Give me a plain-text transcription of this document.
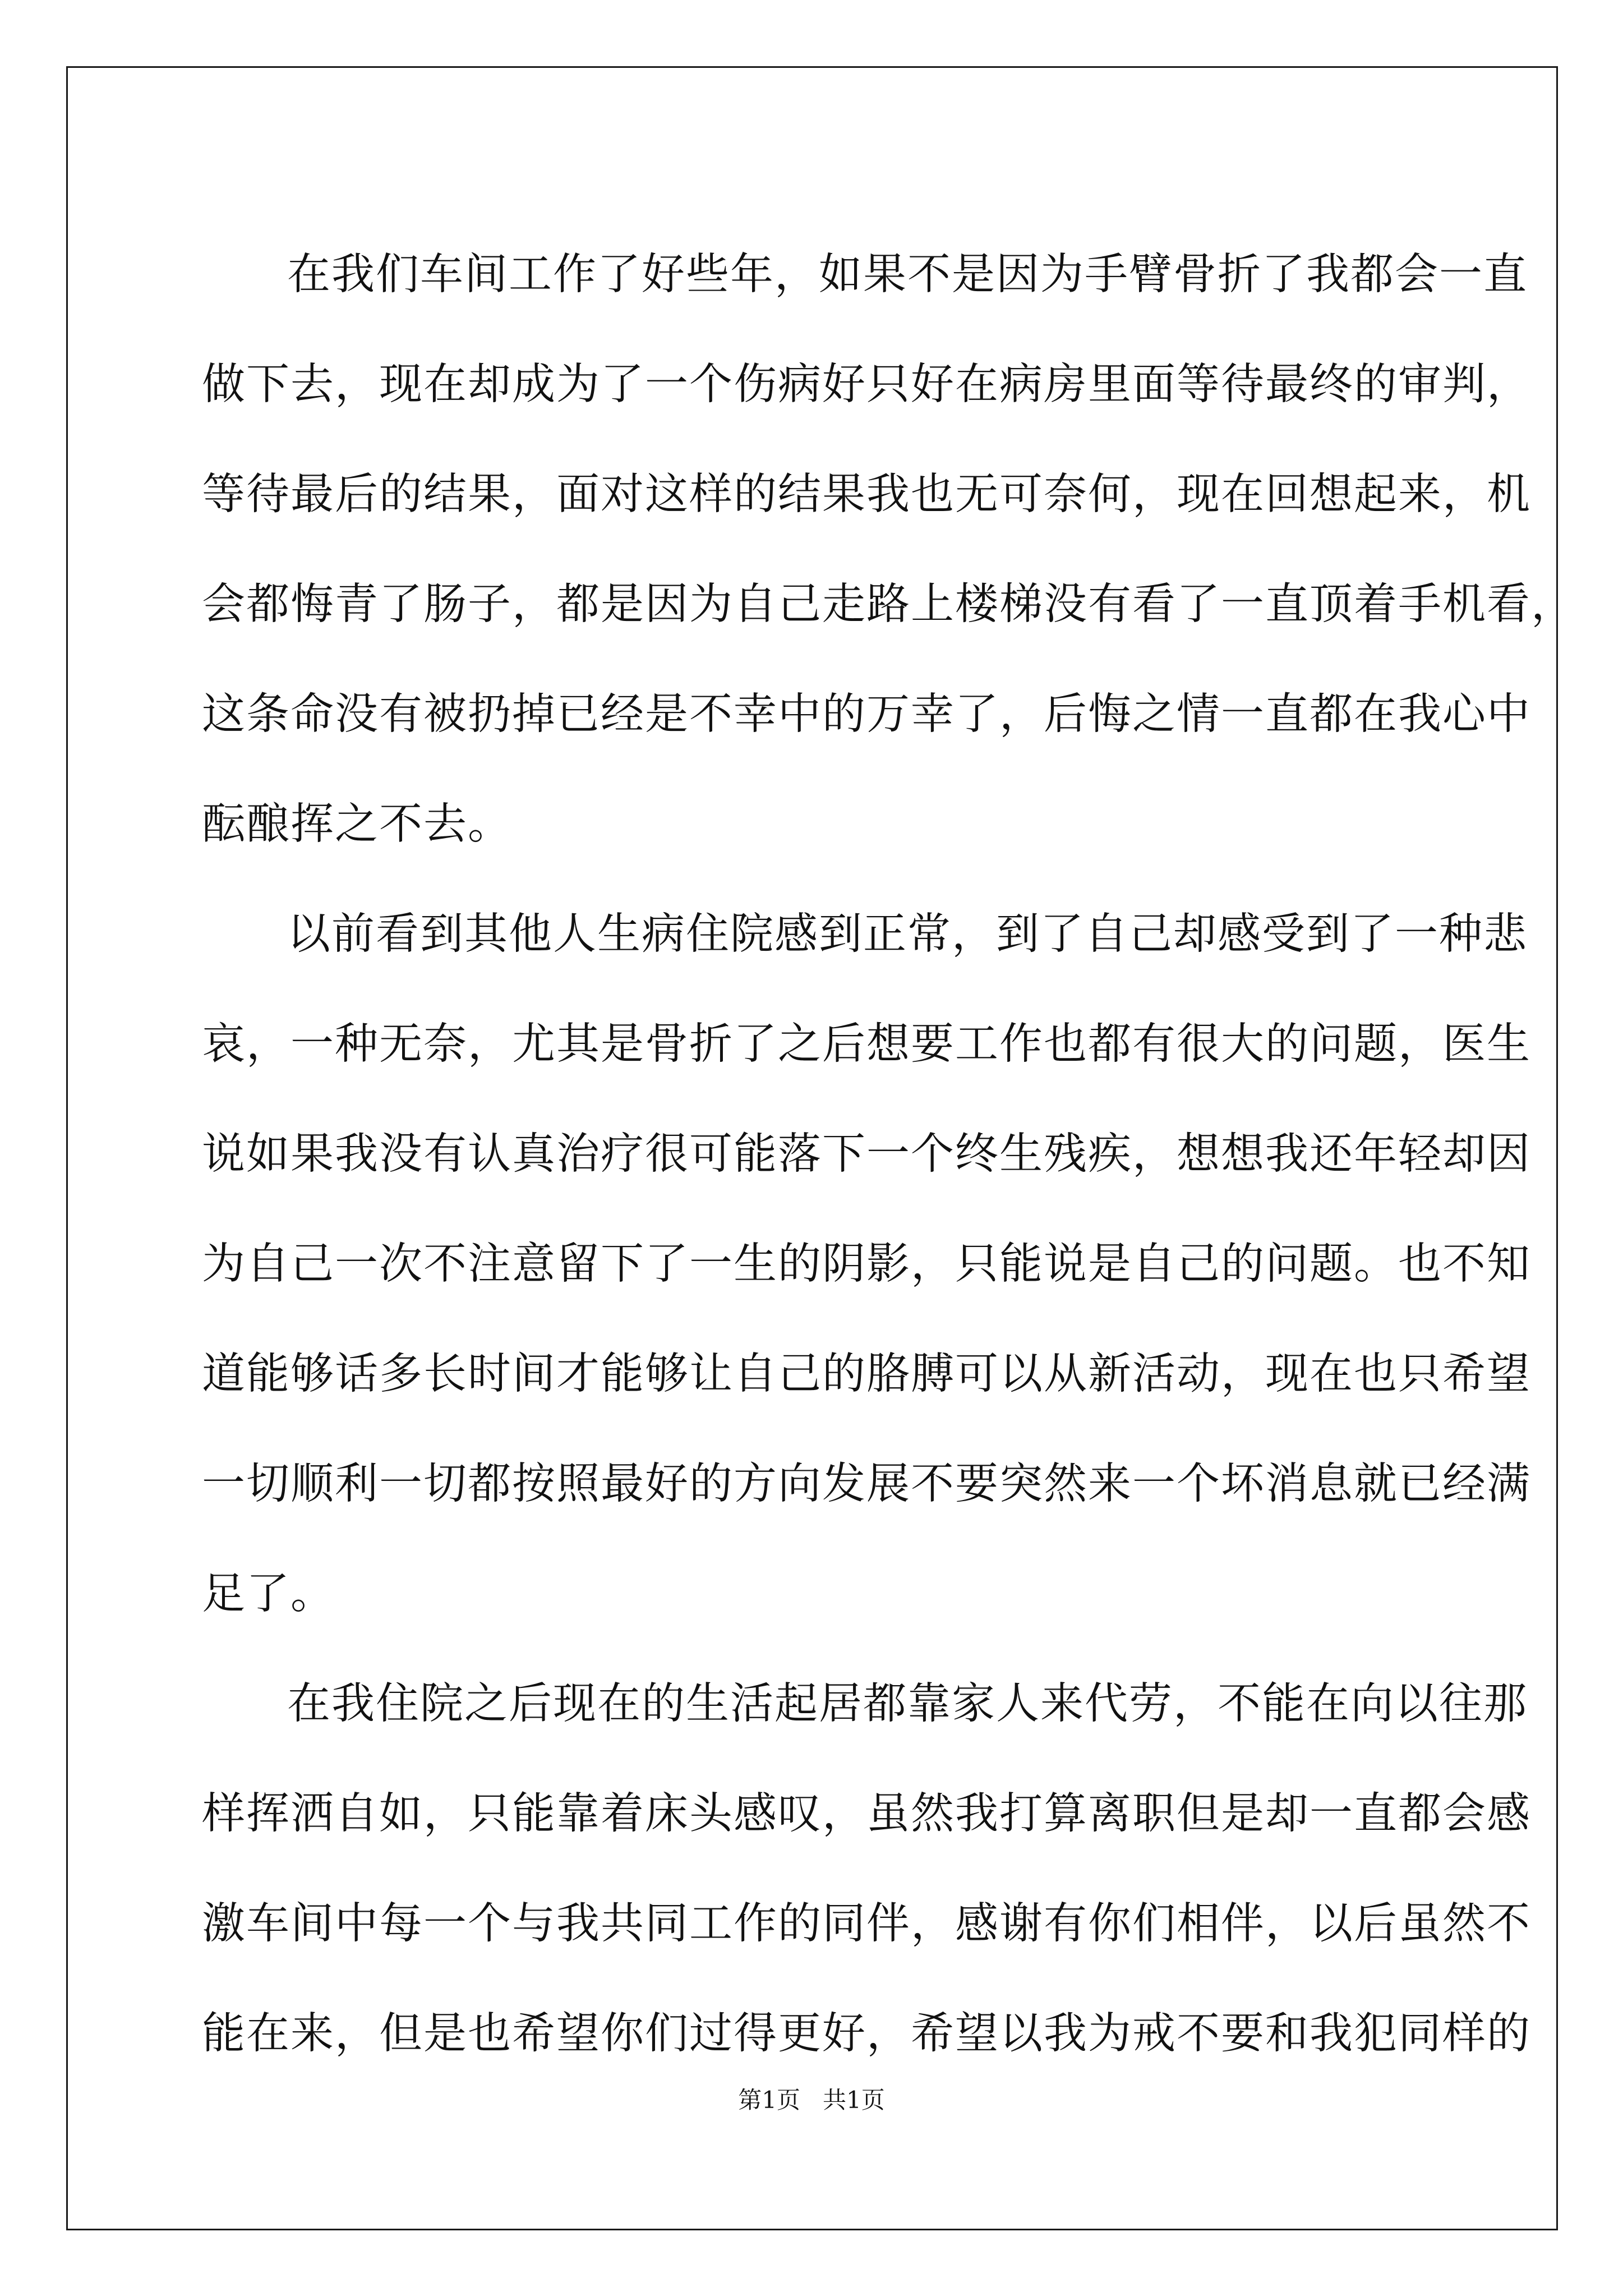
在我们车间工作了好些年，如果不是因为手臂骨折了我都会一直
做下去，现在却成为了一个伤病好只好在病房里面等待最终的审判，
等待最后的结果，面对这样的结果我也无可奈何，现在回想起来，机
会都悔青了肠子，都是因为自己走路上楼梯没有看了一直顶着手机看，
这条命没有被扔掉已经是不幸中的万幸了，后悔之情一直都在我心中
酝酿挥之不去。
以前看到其他人生病住院感到正常，到了自己却感受到了一种悲
哀，一种无奈，尤其是骨折了之后想要工作也都有很大的问题，医生
说如果我没有认真治疗很可能落下一个终生残疾，想想我还年轻却因
为自己一次不注意留下了一生的阴影，只能说是自己的问题。也不知
道能够话多长时间才能够让自己的胳膊可以从新活动，现在也只希望
一切顺利一切都按照最好的方向发展不要突然来一个坏消息就已经满
足了。
在我住院之后现在的生活起居都靠家人来代劳，不能在向以往那
样挥洒自如，只能靠着床头感叹，虽然我打算离职但是却一直都会感
激车间中每一个与我共同工作的同伴，感谢有你们相伴，以后虽然不
能在来，但是也希望你们过得更好，希望以我为戒不要和我犯同样的
第1页   共1页
